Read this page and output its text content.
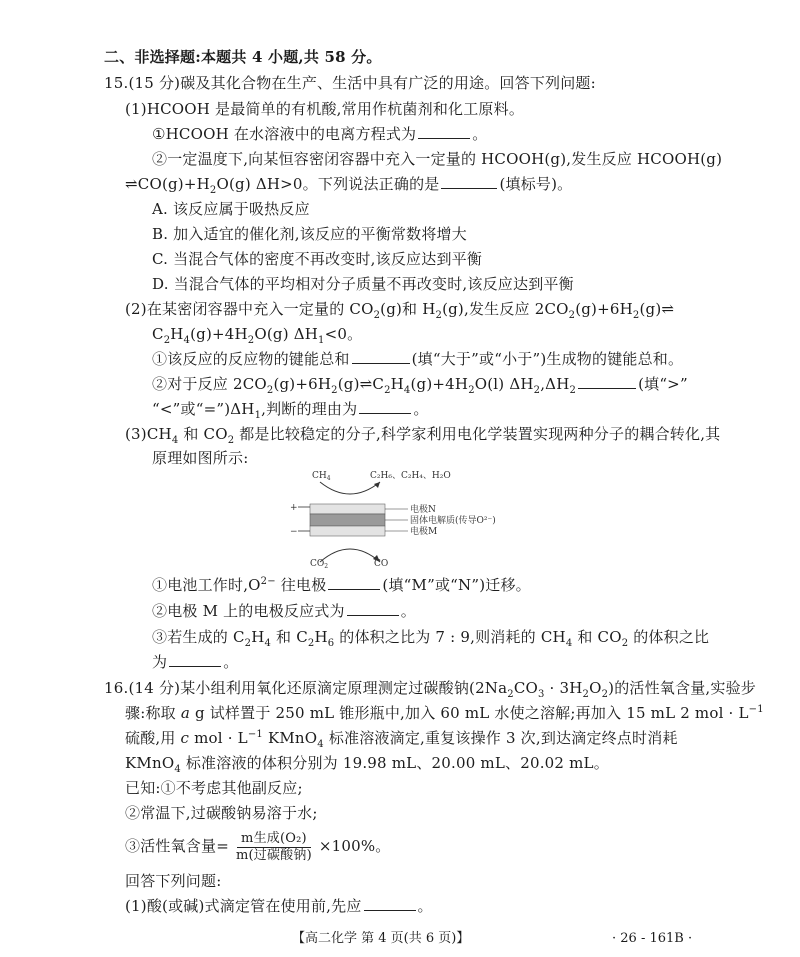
二、非选择题:本题共 4 小题,共 58 分。
15.(15 分)碳及其化合物在生产、生活中具有广泛的用途。回答下列问题:
(1)HCOOH 是最简单的有机酸,常用作杭菌剂和化工原料。
①HCOOH 在水溶液中的电离方程式为	。
②一定温度下,向某恒容密闭容器中充入一定量的 HCOOH(g),发生反应 HCOOH(g)
$\rightleftharpoons CO(g)+H_2O(g)$ ΔH>0。下列说法正确的是	(填标号)。
A. 该反应属于吸热反应
B. 加入适宜的催化剂,该反应的平衡常数将增大
C. 当混合气体的密度不再改变时,该反应达到平衡
D. 当混合气体的平均相对分子质量不再改变时,该反应达到平衡
(2)在某密闭容器中充入一定量的 $CO_2(g)$和 $H_2(g)$,发生反应 $2CO_2(g)+6H_2(g)\rightleftharpoons$
$C_2H_4(g)+4H_2O(g)$ $\Delta H_1<0$。
①该反应的反应物的键能总和	(填“大于”或“小于”)生成物的键能总和。
②对于反应 $2CO_2(g)+6H_2(g)\rightleftharpoons C_2H_4(g)+4H_2O(l)$ $\Delta H_2,\Delta H_2$	(填“>”
“<”或“$=”)\Delta H_1$,判断的理由为	。
$(3)CH_4$ 和 $CO_2$ 都是比较稳定的分子,科学家利用电化学装置实现两种分子的耦合转化,其
原理如图所示:
$CH_4$	C₂H₆、C₂H₄、H₂O
+
−
电极N
固体电解质(传导O²⁻)
电极M
$CO_2$	CO
①电池工作时$,O^{2-}$ 往电极	(填“M”或“N”)迁移。
②电极 M 上的电极反应式为	。
③若生成的 $C_2H_4$ 和 $C_2H_6$ 的体积之比为 7 : 9,则消耗的 $CH_4$ 和 $CO_2$ 的体积之比
为	。
16.(14 分)某小组利用氧化还原滴定原理测定过碳酸钠$(2Na_2CO_3 \cdot 3H_2O_2)$的活性氧含量,实验步
骤:称取 a g 试样置于 250 mL 锥形瓶中,加入 60 mL 水使之溶解;再加入 15 mL 2 mol · $L^{-1}$
硫酸,用 c mol · $L^{-1}$ KMnO$_4$ 标准溶液滴定,重复该操作 3 次,到达滴定终点时消耗
KMnO$_4$ 标准溶液的体积分别为 19.98 mL、20.00 mL、20.02 mL。
已知:①不考虑其他副反应;
②常温下,过碳酸钠易溶于水;
③活性氧含量= $\frac{\text{m生成(O₂)}}{\text{m(过碳酸钠)}} \times 100\%$。
回答下列问题:
(1)酸(或碱)式滴定管在使用前,先应	。
【高二化学 第 4 页(共 6 页)】	· 26 - 161B ·
